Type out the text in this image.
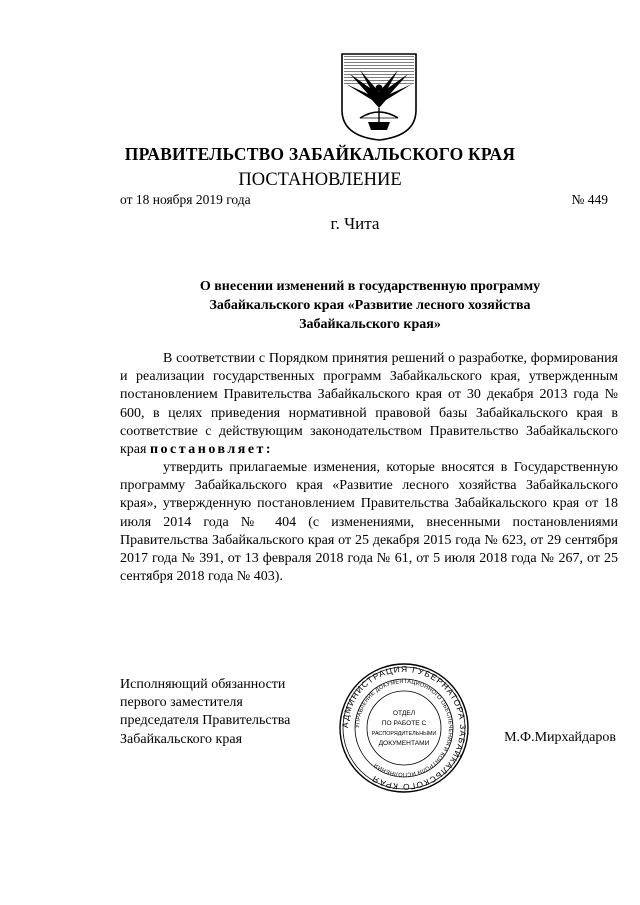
ПРАВИТЕЛЬСТВО ЗАБАЙКАЛЬСКОГО КРАЯ
ПОСТАНОВЛЕНИЕ
от 18 ноября 2019 года	№ 449
г. Чита
О внесении изменений в государственную программу
Забайкальского края «Развитие лесного хозяйства
Забайкальского края»
В соответствии с Порядком принятия решений о разработке, формирования и реализации государственных программ Забайкальского края, утвержденным постановлением Правительства Забайкальского края от 30 декабря 2013 года № 600, в целях приведения нормативной правовой базы Забайкальского края в соответствие с действующим законодательством Правительство Забайкальского края постановляет:
утвердить прилагаемые изменения, которые вносятся в Государственную программу Забайкальского края «Развитие лесного хозяйства Забайкальского края», утвержденную постановлением Правительства Забайкальского края от 18 июля 2014 года № 404 (с изменениями, внесенными постановлениями Правительства Забайкальского края от 25 декабря 2015 года № 623, от 29 сентября 2017 года № 391, от 13 февраля 2018 года № 61, от 5 июля 2018 года № 267, от 25 сентября 2018 года № 403).
Исполняющий обязанности
первого заместителя
председателя Правительства
Забайкальского края
АДМИНИСТРАЦИЯ ГУБЕРНАТОРА ЗАБАЙКАЛЬСКОГО КРАЯ
УПРАВЛЕНИЕ ДОКУМЕНТАЦИОННОГО ОБЕСПЕЧЕНИЯ И КОНТРОЛЯ ИСПОЛНЕНИЯ
ОТДЕЛ
ПО РАБОТЕ С
РАСПОРЯДИТЕЛЬНЫМИ
ДОКУМЕНТАМИ	М.Ф.Мирхайдаров
